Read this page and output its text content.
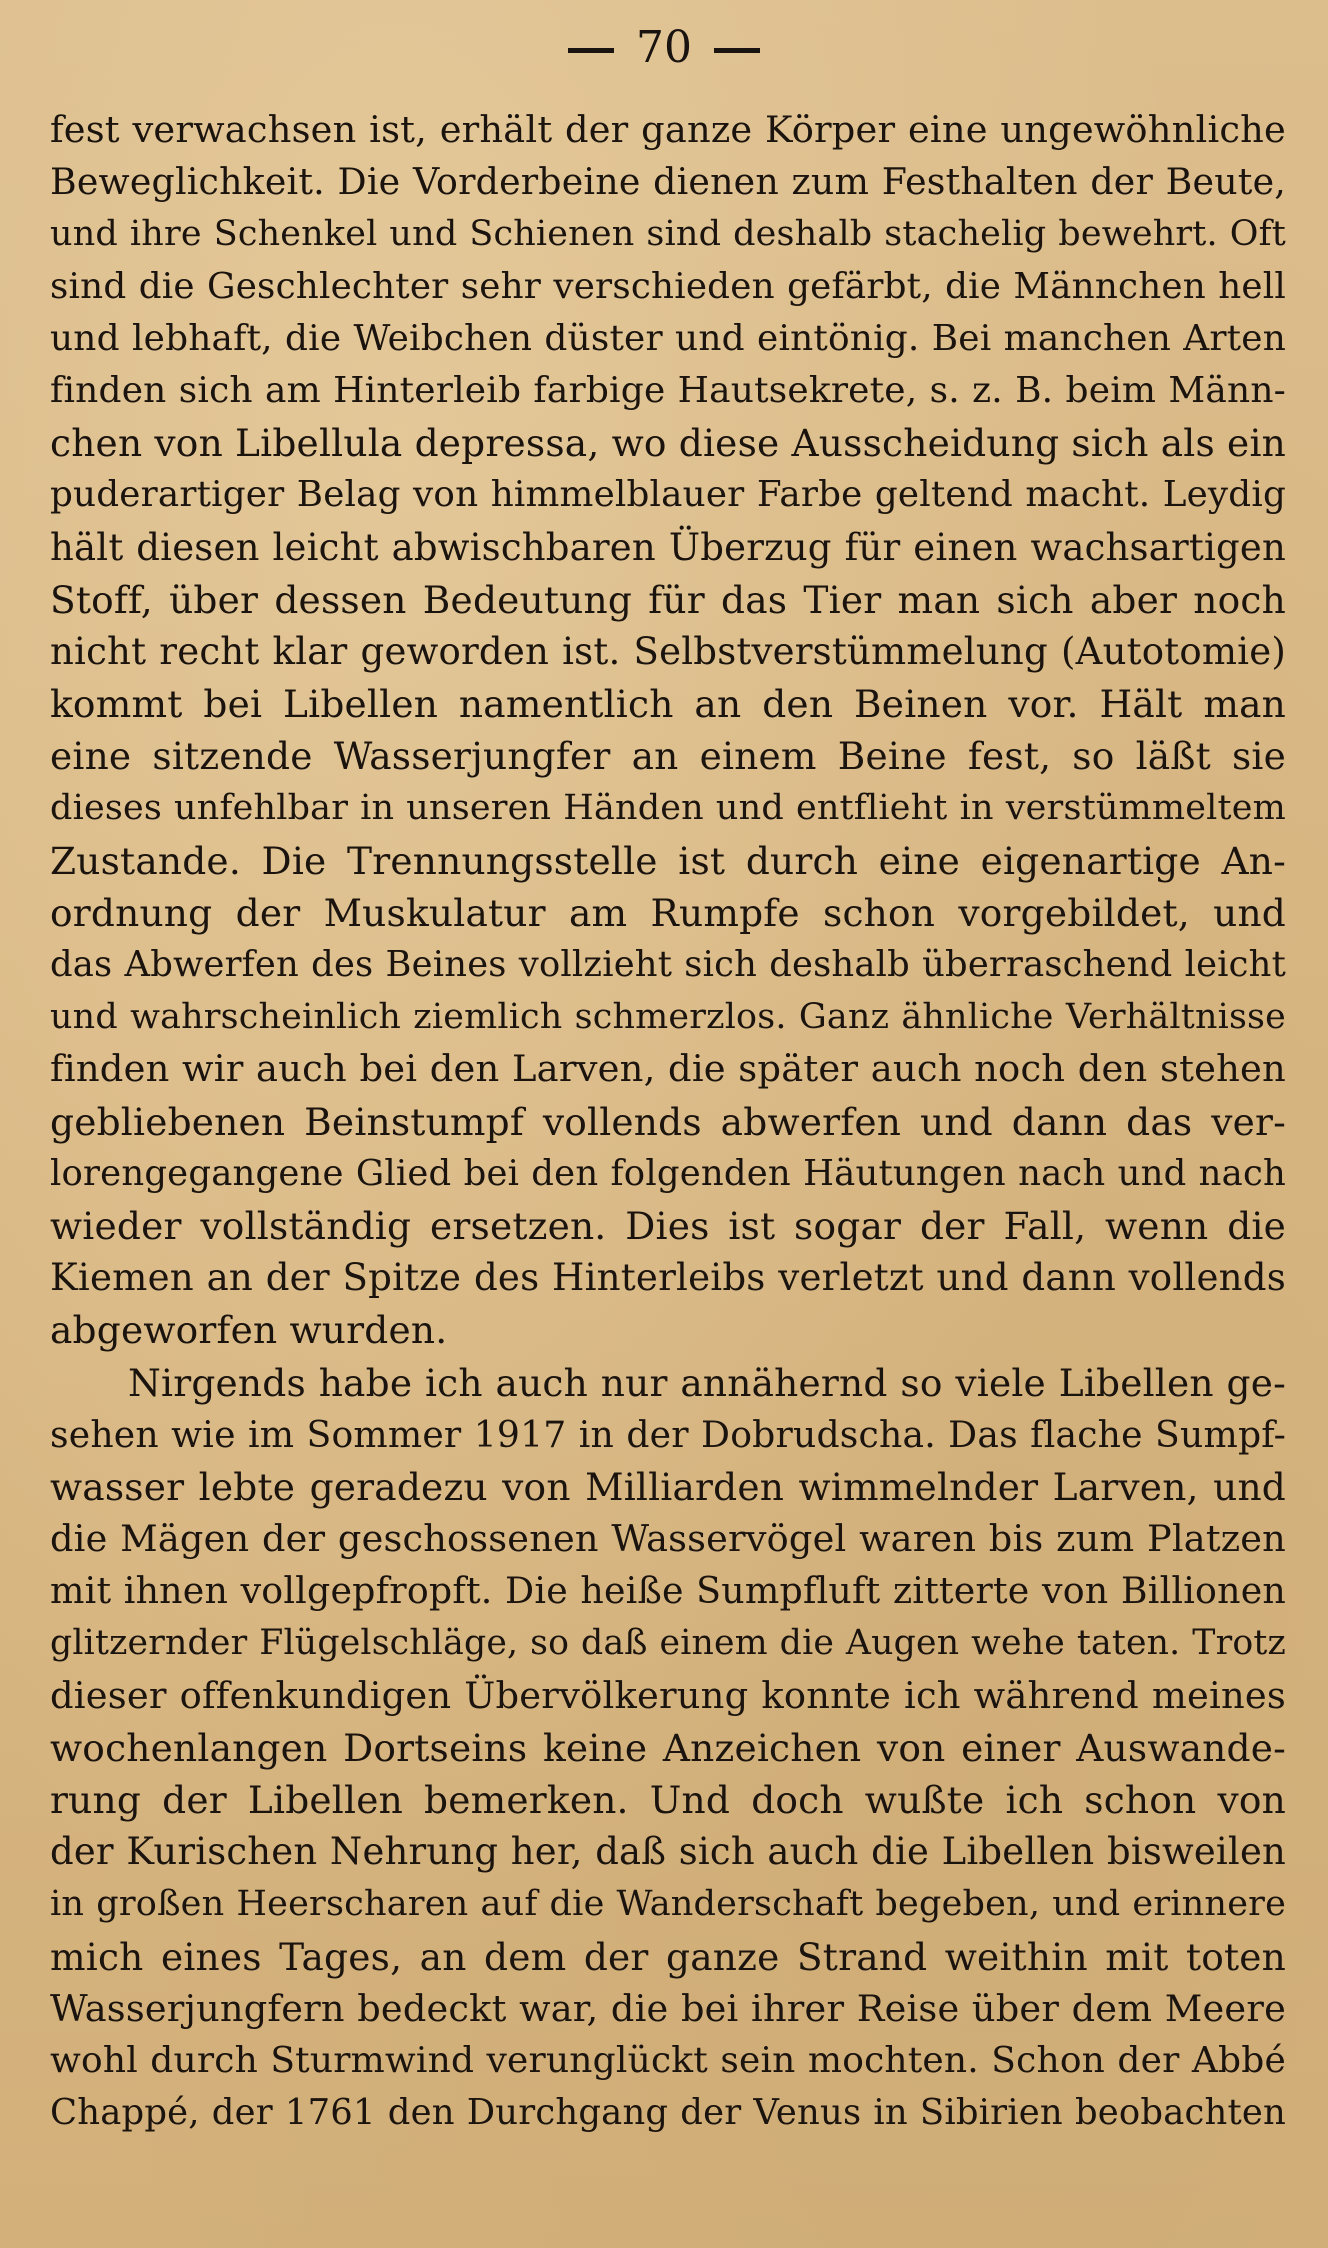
70
fest verwachsen ist, erhält der ganze Körper eine ungewöhnliche
Beweglichkeit. Die Vorderbeine dienen zum Festhalten der Beute,
und ihre Schenkel und Schienen sind deshalb stachelig bewehrt. Oft
sind die Geschlechter sehr verschieden gefärbt, die Männchen hell
und lebhaft, die Weibchen düster und eintönig. Bei manchen Arten
finden sich am Hinterleib farbige Hautsekrete, s. z. B. beim Männ-
chen von Libellula depressa, wo diese Ausscheidung sich als ein
puderartiger Belag von himmelblauer Farbe geltend macht. Leydig
hält diesen leicht abwischbaren Überzug für einen wachsartigen
Stoff, über dessen Bedeutung für das Tier man sich aber noch
nicht recht klar geworden ist. Selbstverstümmelung (Autotomie)
kommt bei Libellen namentlich an den Beinen vor. Hält man
eine sitzende Wasserjungfer an einem Beine fest, so läßt sie
dieses unfehlbar in unseren Händen und entflieht in verstümmeltem
Zustande. Die Trennungsstelle ist durch eine eigenartige An-
ordnung der Muskulatur am Rumpfe schon vorgebildet, und
das Abwerfen des Beines vollzieht sich deshalb überraschend leicht
und wahrscheinlich ziemlich schmerzlos. Ganz ähnliche Verhältnisse
finden wir auch bei den Larven, die später auch noch den stehen
gebliebenen Beinstumpf vollends abwerfen und dann das ver-
lorengegangene Glied bei den folgenden Häutungen nach und nach
wieder vollständig ersetzen. Dies ist sogar der Fall, wenn die
Kiemen an der Spitze des Hinterleibs verletzt und dann vollends
abgeworfen wurden.
Nirgends habe ich auch nur annähernd so viele Libellen ge-
sehen wie im Sommer 1917 in der Dobrudscha. Das flache Sumpf-
wasser lebte geradezu von Milliarden wimmelnder Larven, und
die Mägen der geschossenen Wasservögel waren bis zum Platzen
mit ihnen vollgepfropft. Die heiße Sumpfluft zitterte von Billionen
glitzernder Flügelschläge, so daß einem die Augen wehe taten. Trotz
dieser offenkundigen Übervölkerung konnte ich während meines
wochenlangen Dortseins keine Anzeichen von einer Auswande-
rung der Libellen bemerken. Und doch wußte ich schon von
der Kurischen Nehrung her, daß sich auch die Libellen bisweilen
in großen Heerscharen auf die Wanderschaft begeben, und erinnere
mich eines Tages, an dem der ganze Strand weithin mit toten
Wasserjungfern bedeckt war, die bei ihrer Reise über dem Meere
wohl durch Sturmwind verunglückt sein mochten. Schon der Abbé
Chappé, der 1761 den Durchgang der Venus in Sibirien beobachten
